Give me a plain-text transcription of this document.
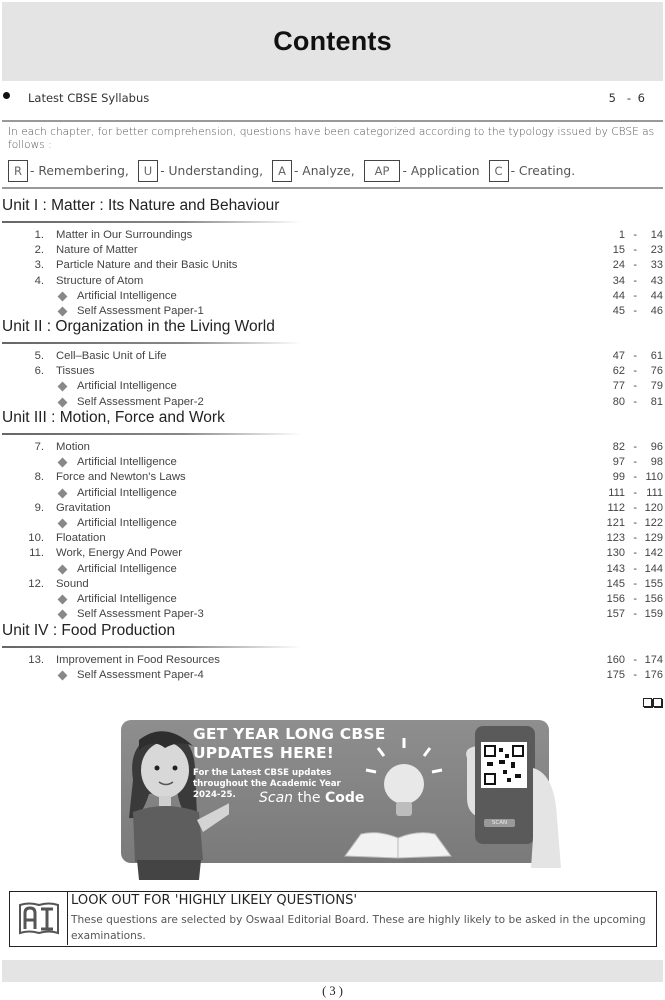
Contents
Latest CBSE Syllabus	5 - 6
In each chapter, for better comprehension, questions have been categorized according to the typology issued by CBSE as follows :
R - Remembering,	U - Understanding,	A - Analyze,	AP	- Application	C - Creating.
Unit I : Matter : Its Nature and Behaviour
1. Matter in Our Surroundings	1 - 14
2. Nature of Matter	15 - 23
3. Particle Nature and their Basic Units	24 - 33
4. Structure of Atom	34 - 43
Artificial Intelligence	44 - 44
Self Assessment Paper-1	45 - 46
Unit II : Organization in the Living World
5. Cell–Basic Unit of Life	47 - 61
6. Tissues	62 - 76
Artificial Intelligence	77 - 79
Self Assessment Paper-2	80 - 81
Unit III : Motion, Force and Work
7. Motion	82 - 96
Artificial Intelligence	97 - 98
8. Force and Newton's Laws	99 - 110
Artificial Intelligence	111 - 111
9. Gravitation	112 - 120
Artificial Intelligence	121 - 122
10. Floatation	123 - 129
11. Work, Energy And Power	130 - 142
Artificial Intelligence	143 - 144
12. Sound	145 - 155
Artificial Intelligence	156 - 156
Self Assessment Paper-3	157 - 159
Unit IV : Food Production
13. Improvement in Food Resources	160 - 174
Self Assessment Paper-4	175 - 176
GET YEAR LONG CBSE
UPDATES HERE!
For the Latest CBSE updates
throughout the Academic Year
2024-25.	Scan the Code
SCAN
LOOK OUT FOR 'HIGHLY LIKELY QUESTIONS'
These questions are selected by Oswaal Editorial Board. These are highly likely to be asked in the upcoming examinations.
( 3 )
